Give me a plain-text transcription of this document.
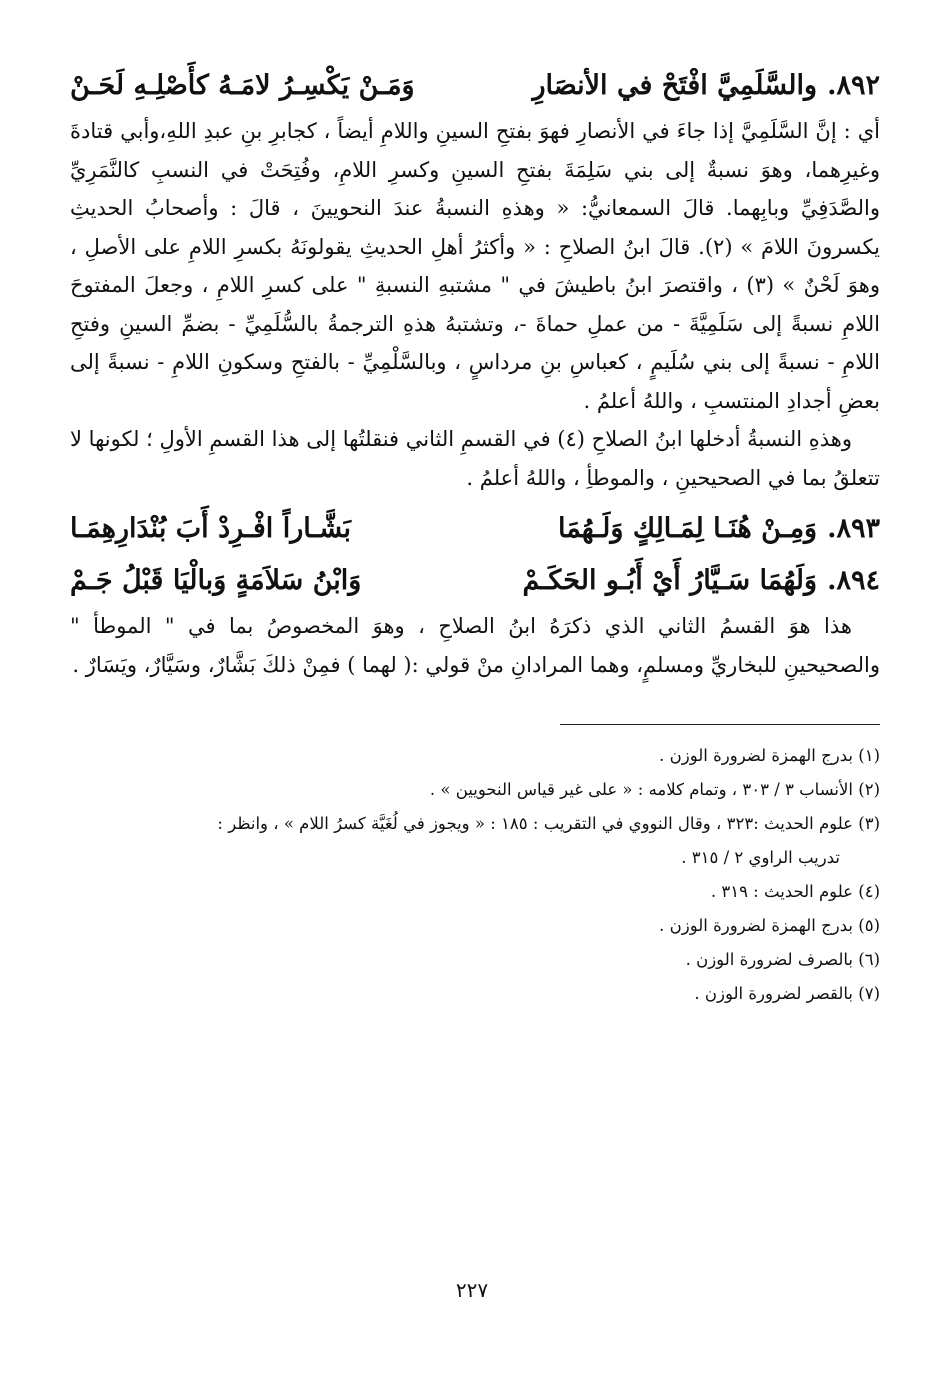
٨٩٢.
والسَّلَمِيَّ افْتَحْ في الأنصَارِ
وَمَـنْ يَكْسِـرُ لامَـهُ كأَصْلِـهِ لَحَـنْ

أي : إنَّ السَّلَمِيَّ إذا جاءَ في الأنصارِ فهوَ بفتحِ السينِ واللامِ أيضاً ، كجابرِ بنِ عبدِ اللهِ،وأبي قتادةَ وغيرِهما، وهوَ نسبةٌ إلى بني سَلِمَةَ بفتحِ السينِ وكسرِ اللامِ، وفُتِحَتْ في النسبِ كالنَّمَرِيِّ والصَّدَفِيِّ وبابِهما. قالَ السمعانيُّ: « وهذهِ النسبةُ عندَ النحويينَ ، قالَ : وأصحابُ الحديثِ يكسرونَ اللامَ » (٢). قالَ ابنُ الصلاحِ : « وأكثرُ أهلِ الحديثِ يقولونَهُ بكسرِ اللامِ على الأصلِ ، وهوَ لَحْنٌ » (٣) ، واقتصرَ ابنُ باطيشَ في " مشتبهِ النسبةِ " على كسرِ اللامِ ، وجعلَ المفتوحَ اللامِ نسبةً إلى سَلَمِيَّةَ - من عملِ حماةَ -، وتشتبهُ هذهِ الترجمةُ بالسُّلَمِيِّ - بضمِّ السينِ وفتحِ اللامِ - نسبةً إلى بني سُلَيمٍ ، كعباسِ بنِ مرداسٍ ، وبالسَّلْمِيِّ - بالفتحِ وسكونِ اللامِ - نسبةً إلى بعضِ أجدادِ المنتسبِ ، واللهُ أعلمُ .

وهذهِ النسبةُ أدخلها ابنُ الصلاحِ (٤) في القسمِ الثاني فنقلتُها إلى هذا القسمِ الأولِ ؛ لكونها لا تتعلقُ بما في الصحيحينِ ، والموطأِ ، واللهُ أعلمُ .

٨٩٣.
وَمِـنْ هُنَـا لِمَـالِكٍ وَلَـهُمَا
بَشَّـاراً افْـرِدْ أَبَ بُنْدَارِهِمَـا
٨٩٤.
وَلَهُمَا سَـيَّارُ أَيْ أَبُـو الحَكَـمْ
وَابْنُ سَلاَمَةٍ وَبالْيَا قَبْلُ جَـمْ

هذا هوَ القسمُ الثاني الذي ذكرَهُ ابنُ الصلاحِ ، وهوَ المخصوصُ بما في " الموطأ " والصحيحينِ للبخاريِّ ومسلمٍ، وهما المرادانِ منْ قولي :( لهما ) فمِنْ ذلكَ بَشَّارٌ، وسَيَّارٌ، ويَسَارٌ .

(١) بدرج الهمزة لضرورة الوزن .

(٢) الأنساب ٣ / ٣٠٣ ، وتمام كلامه : « على غير قياس النحويين » .

(٣) علوم الحديث :٣٢٣ ، وقال النووي في التقريب : ١٨٥ : « ويجوز في لُغَيَّة كسرُ اللام » ، وانظر :

تدريب الراوي ٢ / ٣١٥ .

(٤) علوم الحديث : ٣١٩ .

(٥) بدرج الهمزة لضرورة الوزن .

(٦) بالصرف لضرورة الوزن .

(٧) بالقصر لضرورة الوزن .

٢٢٧
